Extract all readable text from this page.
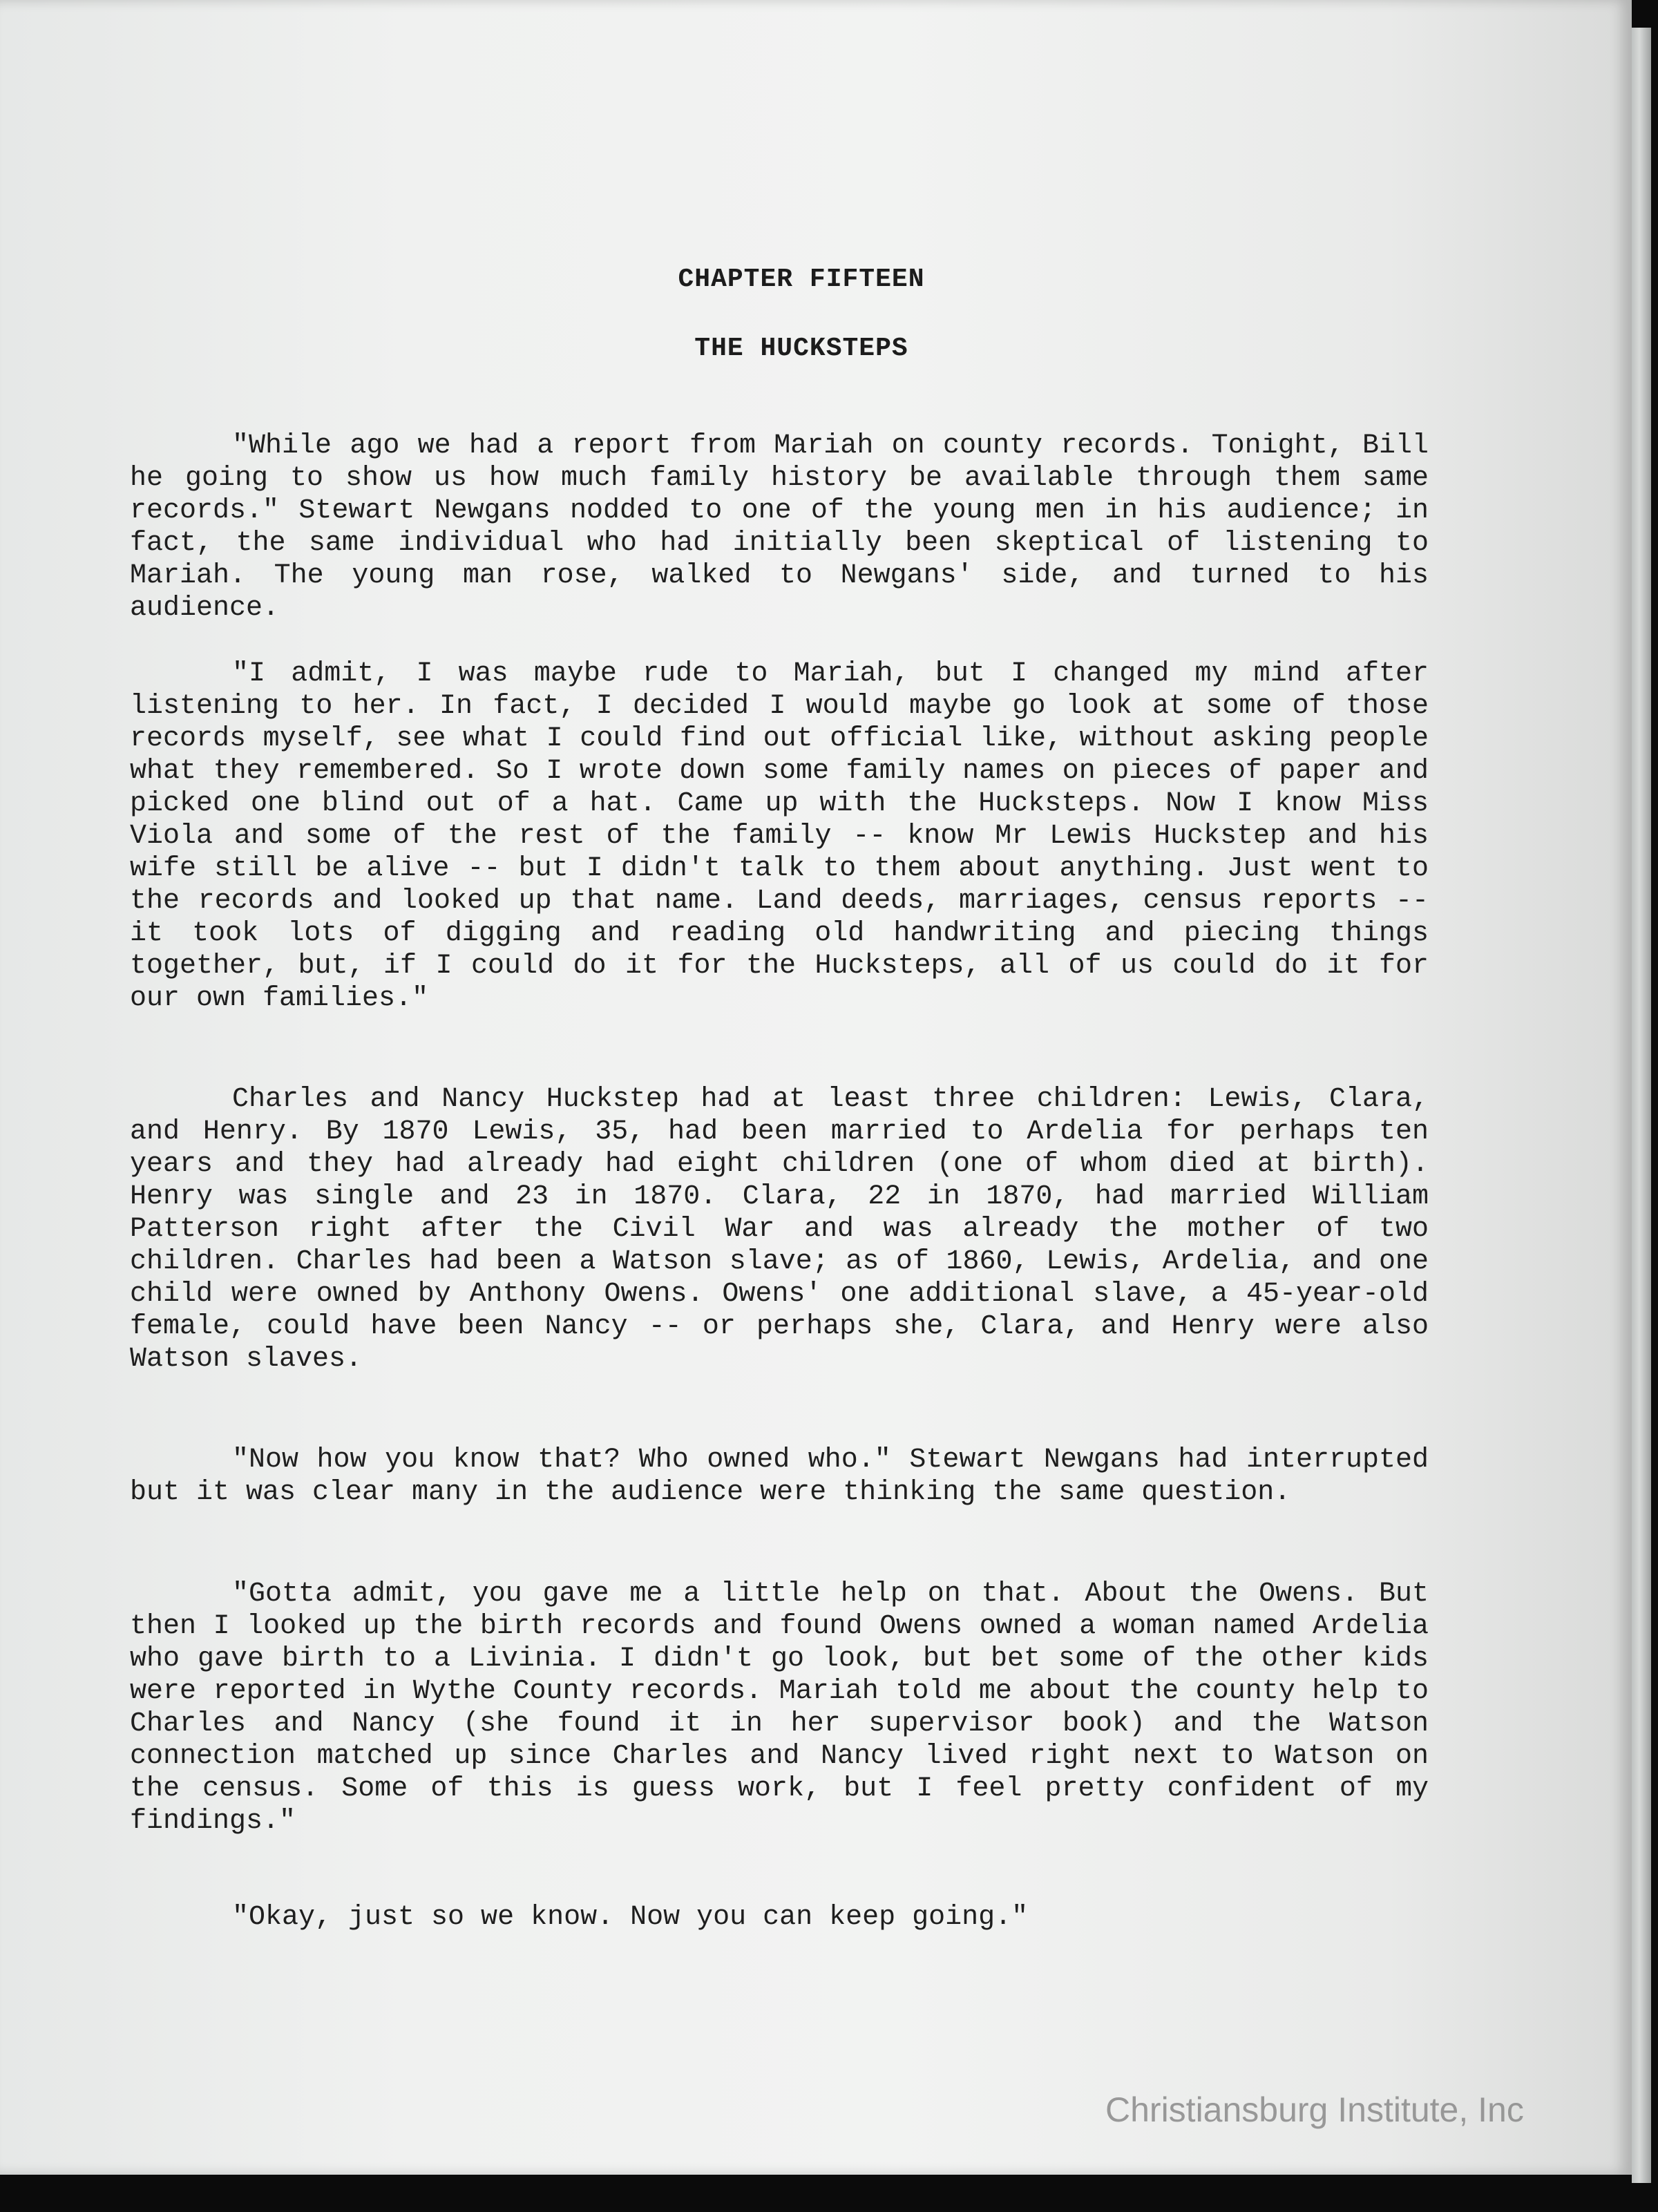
CHAPTER FIFTEEN
THE HUCKSTEPS

"While ago we had a report from Mariah on county records. Tonight, Bill he going to show us how much family history be available through them same records." Stewart Newgans nodded to one of the young men in his audience; in fact, the same individual who had initially been skeptical of listening to Mariah. The young man rose, walked to Newgans' side, and turned to his audience.

"I admit, I was maybe rude to Mariah, but I changed my mind after listening to her. In fact, I decided I would maybe go look at some of those records myself, see what I could find out official like, without asking people what they remembered. So I wrote down some family names on pieces of paper and picked one blind out of a hat. Came up with the Hucksteps. Now I know Miss Viola and some of the rest of the family -- know Mr Lewis Huckstep and his wife still be alive -- but I didn't talk to them about anything. Just went to the records and looked up that name. Land deeds, marriages, census reports -- it took lots of digging and reading old handwriting and piecing things together, but, if I could do it for the Hucksteps, all of us could do it for our own families."

Charles and Nancy Huckstep had at least three children: Lewis, Clara, and Henry. By 1870 Lewis, 35, had been married to Ardelia for perhaps ten years and they had already had eight children (one of whom died at birth). Henry was single and 23 in 1870. Clara, 22 in 1870, had married William Patterson right after the Civil War and was already the mother of two children. Charles had been a Watson slave; as of 1860, Lewis, Ardelia, and one child were owned by Anthony Owens. Owens' one additional slave, a 45-year-old female, could have been Nancy -- or perhaps she, Clara, and Henry were also Watson slaves.

"Now how you know that? Who owned who." Stewart Newgans had interrupted but it was clear many in the audience were thinking the same question.

"Gotta admit, you gave me a little help on that. About the Owens. But then I looked up the birth records and found Owens owned a woman named Ardelia who gave birth to a Livinia. I didn't go look, but bet some of the other kids were reported in Wythe County records. Mariah told me about the county help to Charles and Nancy (she found it in her supervisor book) and the Watson connection matched up since Charles and Nancy lived right next to Watson on the census. Some of this is guess work, but I feel pretty confident of my findings."

"Okay, just so we know. Now you can keep going."

Christiansburg Institute, Inc
